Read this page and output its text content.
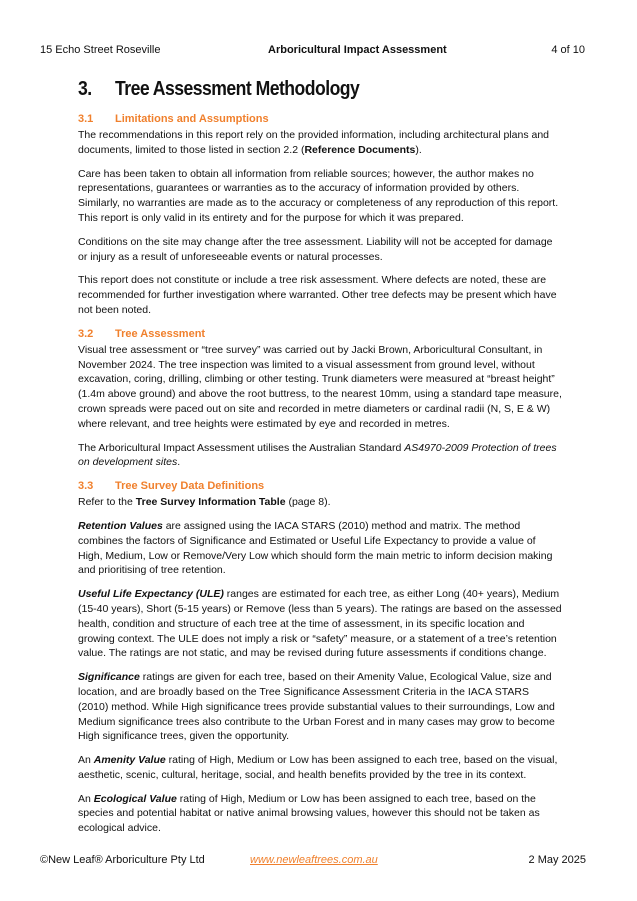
15 Echo Street Roseville	Arboricultural Impact Assessment	4 of 10
3.	Tree Assessment Methodology
3.1	Limitations and Assumptions

The recommendations in this report rely on the provided information, including architectural plans and documents, limited to those listed in section 2.2 (Reference Documents).

Care has been taken to obtain all information from reliable sources; however, the author makes no representations, guarantees or warranties as to the accuracy of information provided by others. Similarly, no warranties are made as to the accuracy or completeness of any reproduction of this report. This report is only valid in its entirety and for the purpose for which it was prepared.

Conditions on the site may change after the tree assessment. Liability will not be accepted for damage or injury as a result of unforeseeable events or natural processes.

This report does not constitute or include a tree risk assessment. Where defects are noted, these are recommended for further investigation where warranted. Other tree defects may be present which have not been noted.

3.2	Tree Assessment

Visual tree assessment or “tree survey” was carried out by Jacki Brown, Arboricultural Consultant, in November 2024. The tree inspection was limited to a visual assessment from ground level, without excavation, coring, drilling, climbing or other testing. Trunk diameters were measured at “breast height” (1.4m above ground) and above the root buttress, to the nearest 10mm, using a standard tape measure, crown spreads were paced out on site and recorded in metre diameters or cardinal radii (N, S, E & W) where relevant, and tree heights were estimated by eye and recorded in metres.

The Arboricultural Impact Assessment utilises the Australian Standard AS4970-2009 Protection of trees on development sites.

3.3	Tree Survey Data Definitions

Refer to the Tree Survey Information Table (page 8).

Retention Values are assigned using the IACA STARS (2010) method and matrix. The method combines the factors of Significance and Estimated or Useful Life Expectancy to provide a value of High, Medium, Low or Remove/Very Low which should form the main metric to inform decision making and prioritising of tree retention.

Useful Life Expectancy (ULE) ranges are estimated for each tree, as either Long (40+ years), Medium (15-40 years), Short (5-15 years) or Remove (less than 5 years). The ratings are based on the assessed health, condition and structure of each tree at the time of assessment, in its specific location and growing context. The ULE does not imply a risk or “safety” measure, or a statement of a tree’s retention value. The ratings are not static, and may be revised during future assessments if conditions change.

Significance ratings are given for each tree, based on their Amenity Value, Ecological Value, size and location, and are broadly based on the Tree Significance Assessment Criteria in the IACA STARS (2010) method. While High significance trees provide substantial values to their surroundings, Low and Medium significance trees also contribute to the Urban Forest and in many cases may grow to become High significance trees, given the opportunity.

An Amenity Value rating of High, Medium or Low has been assigned to each tree, based on the visual, aesthetic, scenic, cultural, heritage, social, and health benefits provided by the tree in its context.

An Ecological Value rating of High, Medium or Low has been assigned to each tree, based on the species and potential habitat or native animal browsing values, however this should not be taken as ecological advice.

©New Leaf® Arboriculture Pty Ltd	www.newleaftrees.com.au	2 May 2025
